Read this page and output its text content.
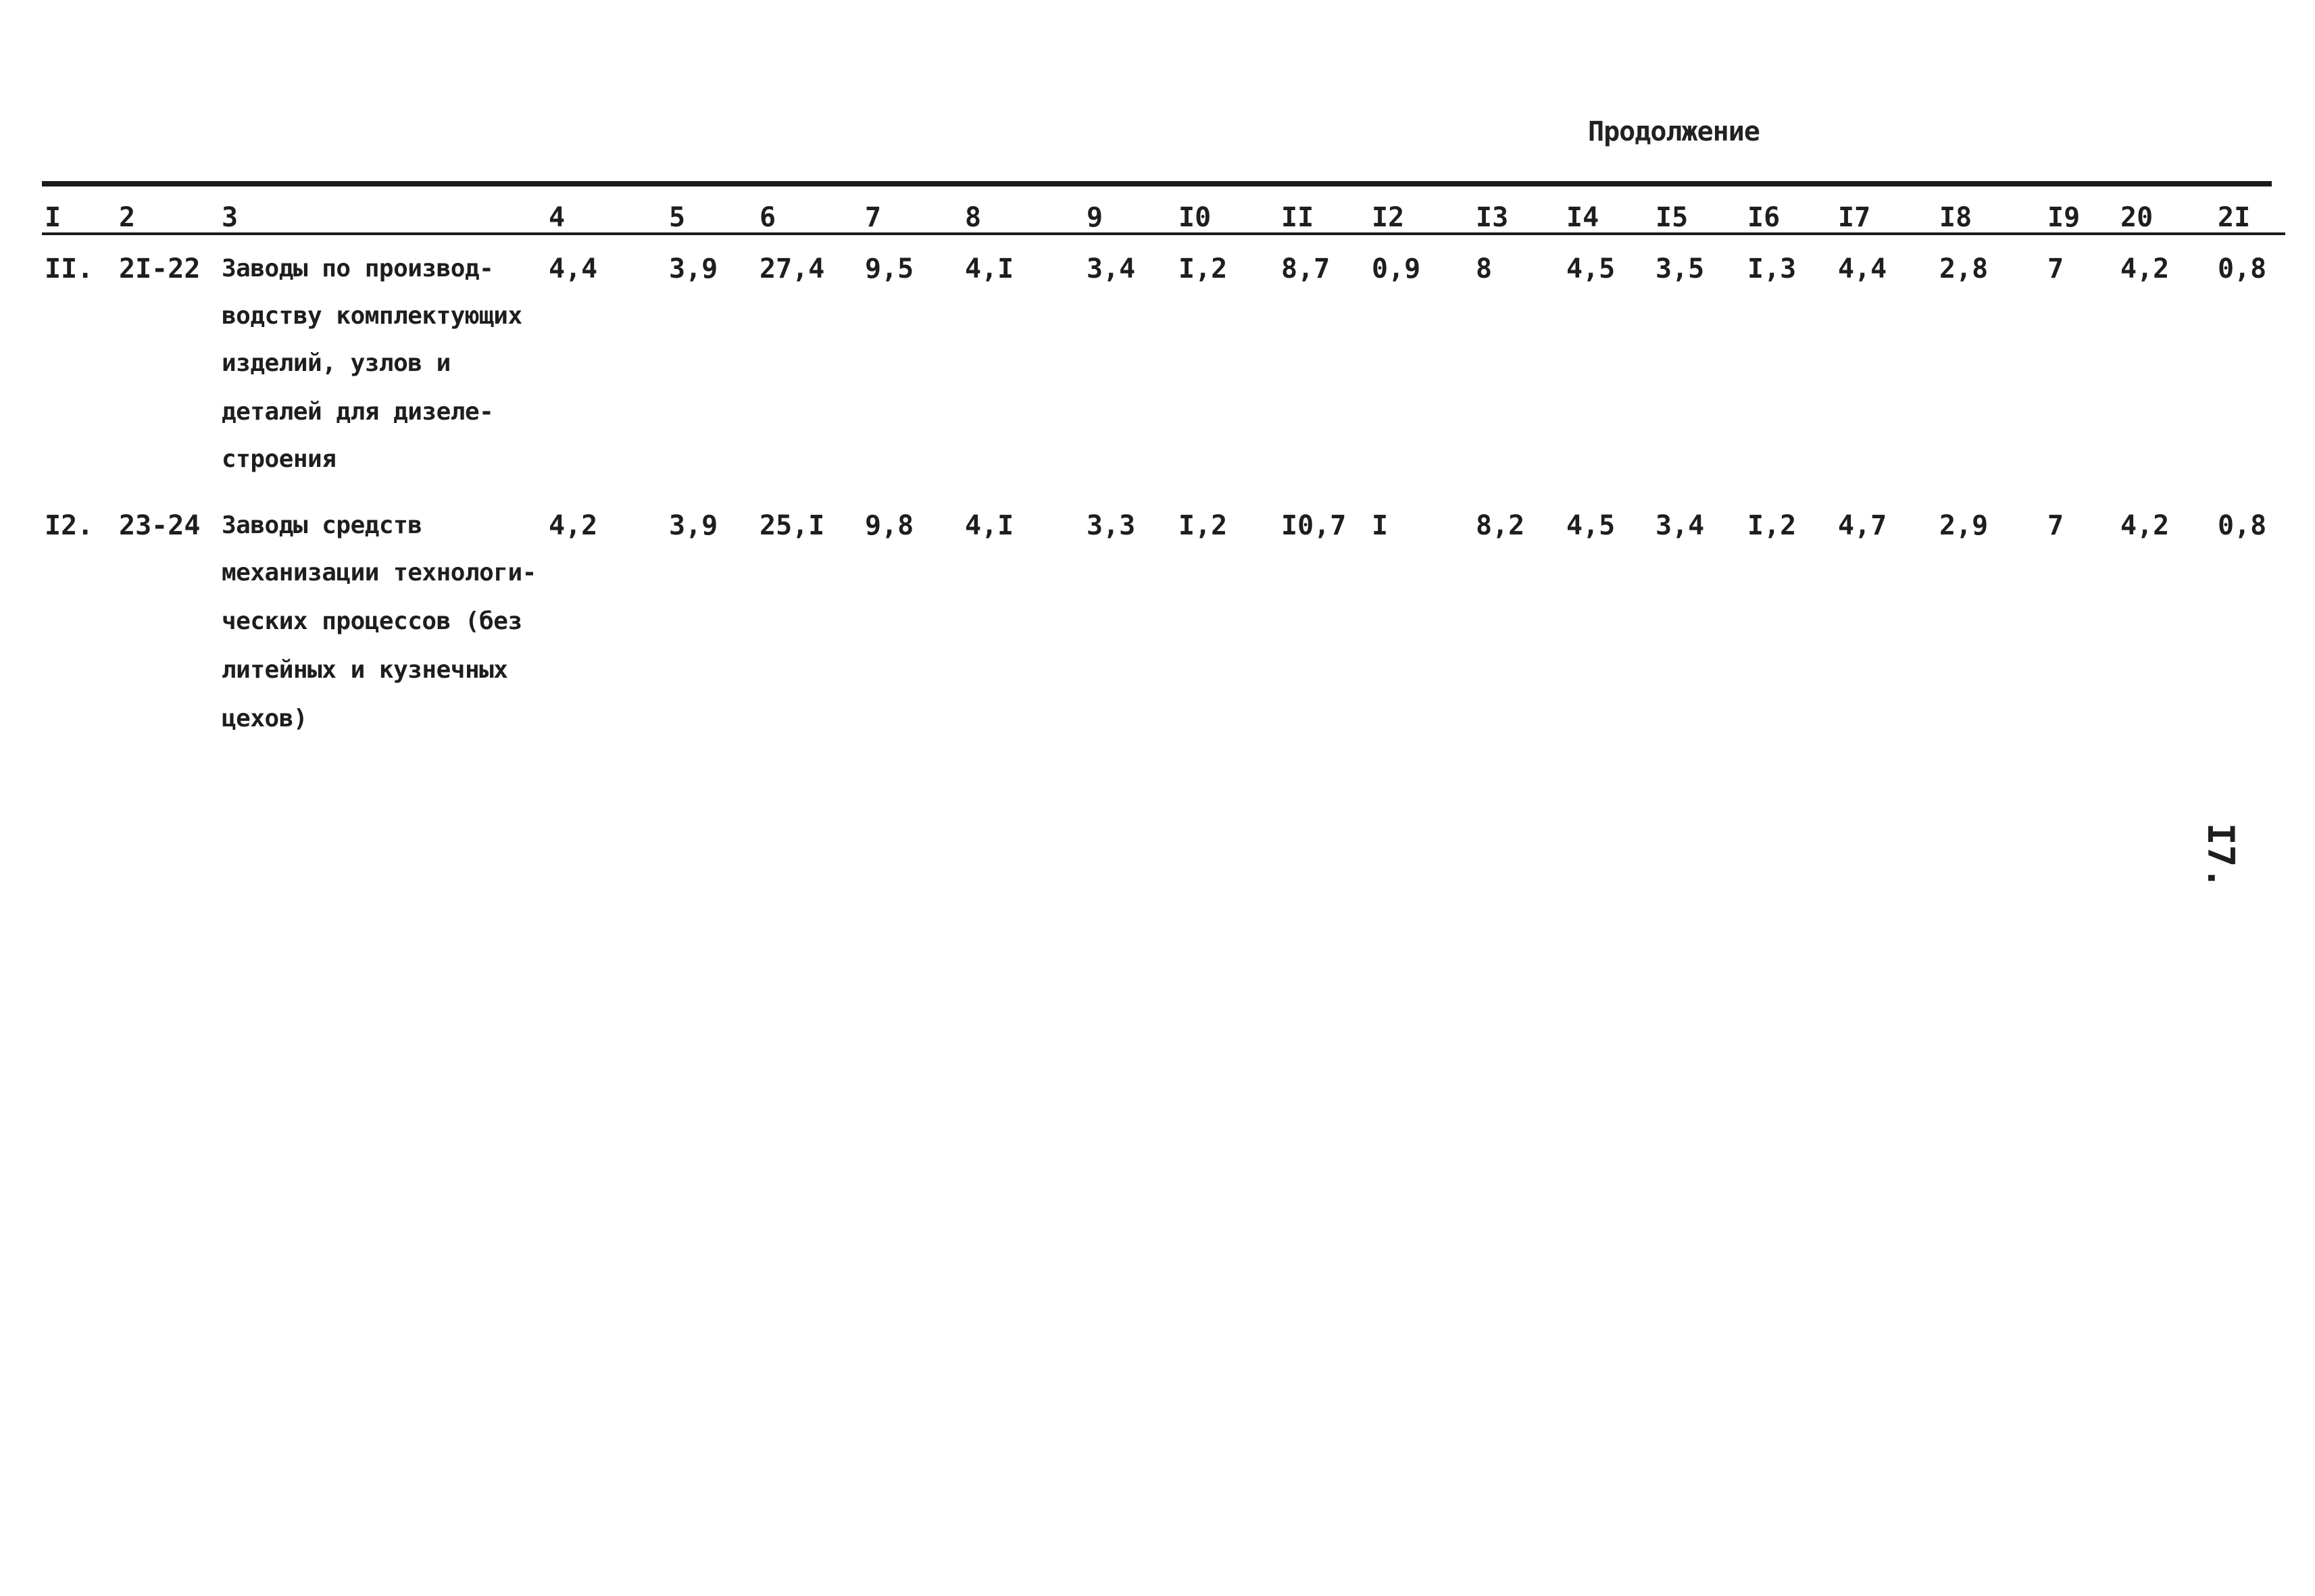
Продолжение
I 2	3	4	5	6	7	8	9	I0	II I2	I3 I4 I5 I6 I7	I8	I9 20 2I
II. 2I-22 Заводы по производ-
водству комплектующих
изделий, узлов и
деталей для дизеле-
строения
4,4	3,9 27,4 9,5 4,I	3,4 I,2 8,7 0,9 8	4,5 3,5 I,3 4,4 2,8 7 4,2 0,8
I2. 23-24 Заводы средств
механизации технологи-
ческих процессов (без
литейных и кузнечных
цехов)
4,2	3,9 25,I 9,8 4,I	3,3 I,2 I0,7 I	8,2 4,5 3,4 I,2 4,7 2,9 7 4,2 0,8
I7.
